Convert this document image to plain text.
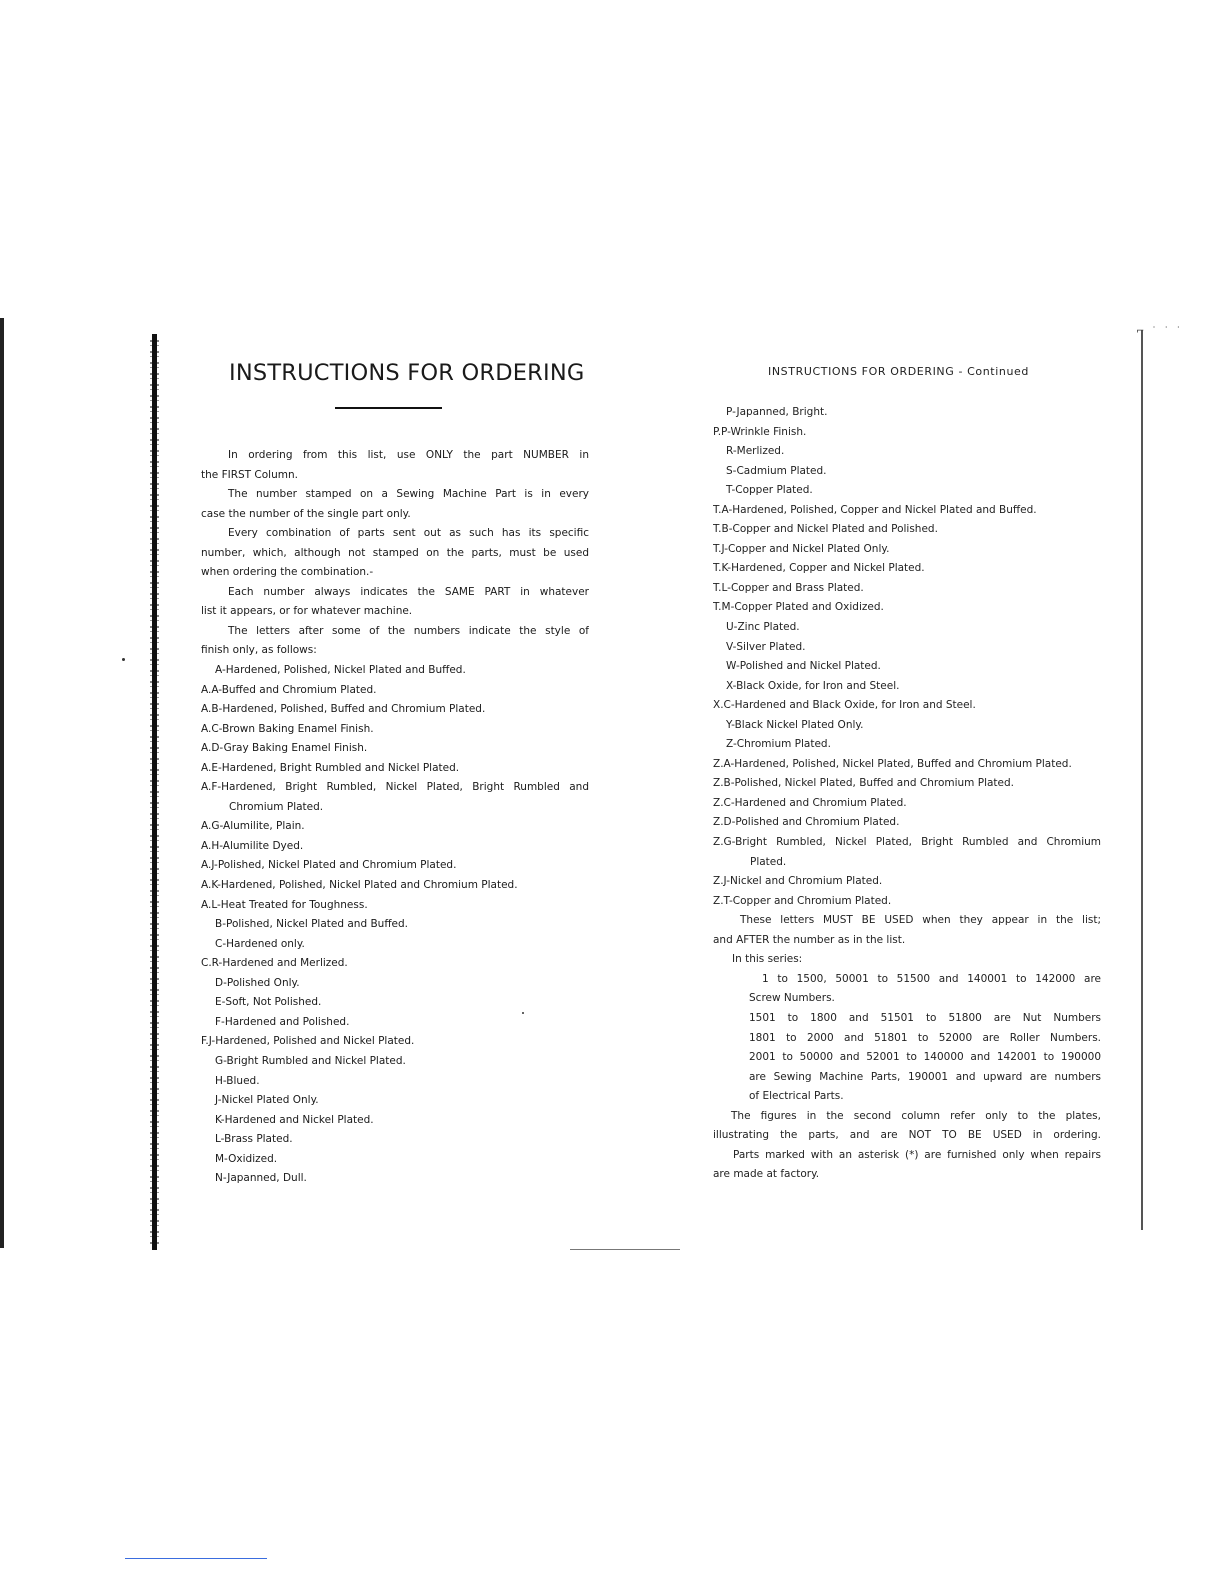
⌐ ˙ ˙ ˙
INSTRUCTIONS FOR ORDERING
In ordering from this list, use ONLY the part NUMBER in
the FIRST Column.
The number stamped on a Sewing Machine Part is in every
case the number of the single part only.
Every combination of parts sent out as such has its specific
number, which, although not stamped on the parts, must be used
when ordering the combination.-
Each number always indicates the SAME PART in whatever
list it appears, or for whatever machine.
The letters after some of the numbers indicate the style of
finish only, as follows:
A-Hardened, Polished, Nickel Plated and Buffed.
A.A-Buffed and Chromium Plated.
A.B-Hardened, Polished, Buffed and Chromium Plated.
A.C-Brown Baking Enamel Finish.
A.D-Gray Baking Enamel Finish.
A.E-Hardened, Bright Rumbled and Nickel Plated.
A.F-Hardened, Bright Rumbled, Nickel Plated, Bright Rumbled and
Chromium Plated.
A.G-Alumilite, Plain.
A.H-Alumilite Dyed.
A.J-Polished, Nickel Plated and Chromium Plated.
A.K-Hardened, Polished, Nickel Plated and Chromium Plated.
A.L-Heat Treated for Toughness.
B-Polished, Nickel Plated and Buffed.
C-Hardened only.
C.R-Hardened and Merlized.
D-Polished Only.
E-Soft, Not Polished.
F-Hardened and Polished.
F.J-Hardened, Polished and Nickel Plated.
G-Bright Rumbled and Nickel Plated.
H-Blued.
J-Nickel Plated Only.
K-Hardened and Nickel Plated.
L-Brass Plated.
M-Oxidized.
N-Japanned, Dull.
INSTRUCTIONS FOR ORDERING - Continued
P-Japanned, Bright.
P.P-Wrinkle Finish.
R-Merlized.
S-Cadmium Plated.
T-Copper Plated.
T.A-Hardened, Polished, Copper and Nickel Plated and Buffed.
T.B-Copper and Nickel Plated and Polished.
T.J-Copper and Nickel Plated Only.
T.K-Hardened, Copper and Nickel Plated.
T.L-Copper and Brass Plated.
T.M-Copper Plated and Oxidized.
U-Zinc Plated.
V-Silver Plated.
W-Polished and Nickel Plated.
X-Black Oxide, for Iron and Steel.
X.C-Hardened and Black Oxide, for Iron and Steel.
Y-Black Nickel Plated Only.
Z-Chromium Plated.
Z.A-Hardened, Polished, Nickel Plated, Buffed and Chromium Plated.
Z.B-Polished, Nickel Plated, Buffed and Chromium Plated.
Z.C-Hardened and Chromium Plated.
Z.D-Polished and Chromium Plated.
Z.G-Bright Rumbled, Nickel Plated, Bright Rumbled and Chromium
Plated.
Z.J-Nickel and Chromium Plated.
Z.T-Copper and Chromium Plated.
These letters MUST BE USED when they appear in the list;
and AFTER the number as in the list.
In this series:
1 to 1500, 50001 to 51500 and 140001 to 142000 are
Screw Numbers.
1501 to 1800 and 51501 to 51800 are Nut Numbers
1801 to 2000 and 51801 to 52000 are Roller Numbers.
2001 to 50000 and 52001 to 140000 and 142001 to 190000
are Sewing Machine Parts, 190001 and upward are numbers
of Electrical Parts.
The figures in the second column refer only to the plates,
illustrating the parts, and are NOT TO BE USED in ordering.
Parts marked with an asterisk (*) are furnished only when repairs
are made at factory.
